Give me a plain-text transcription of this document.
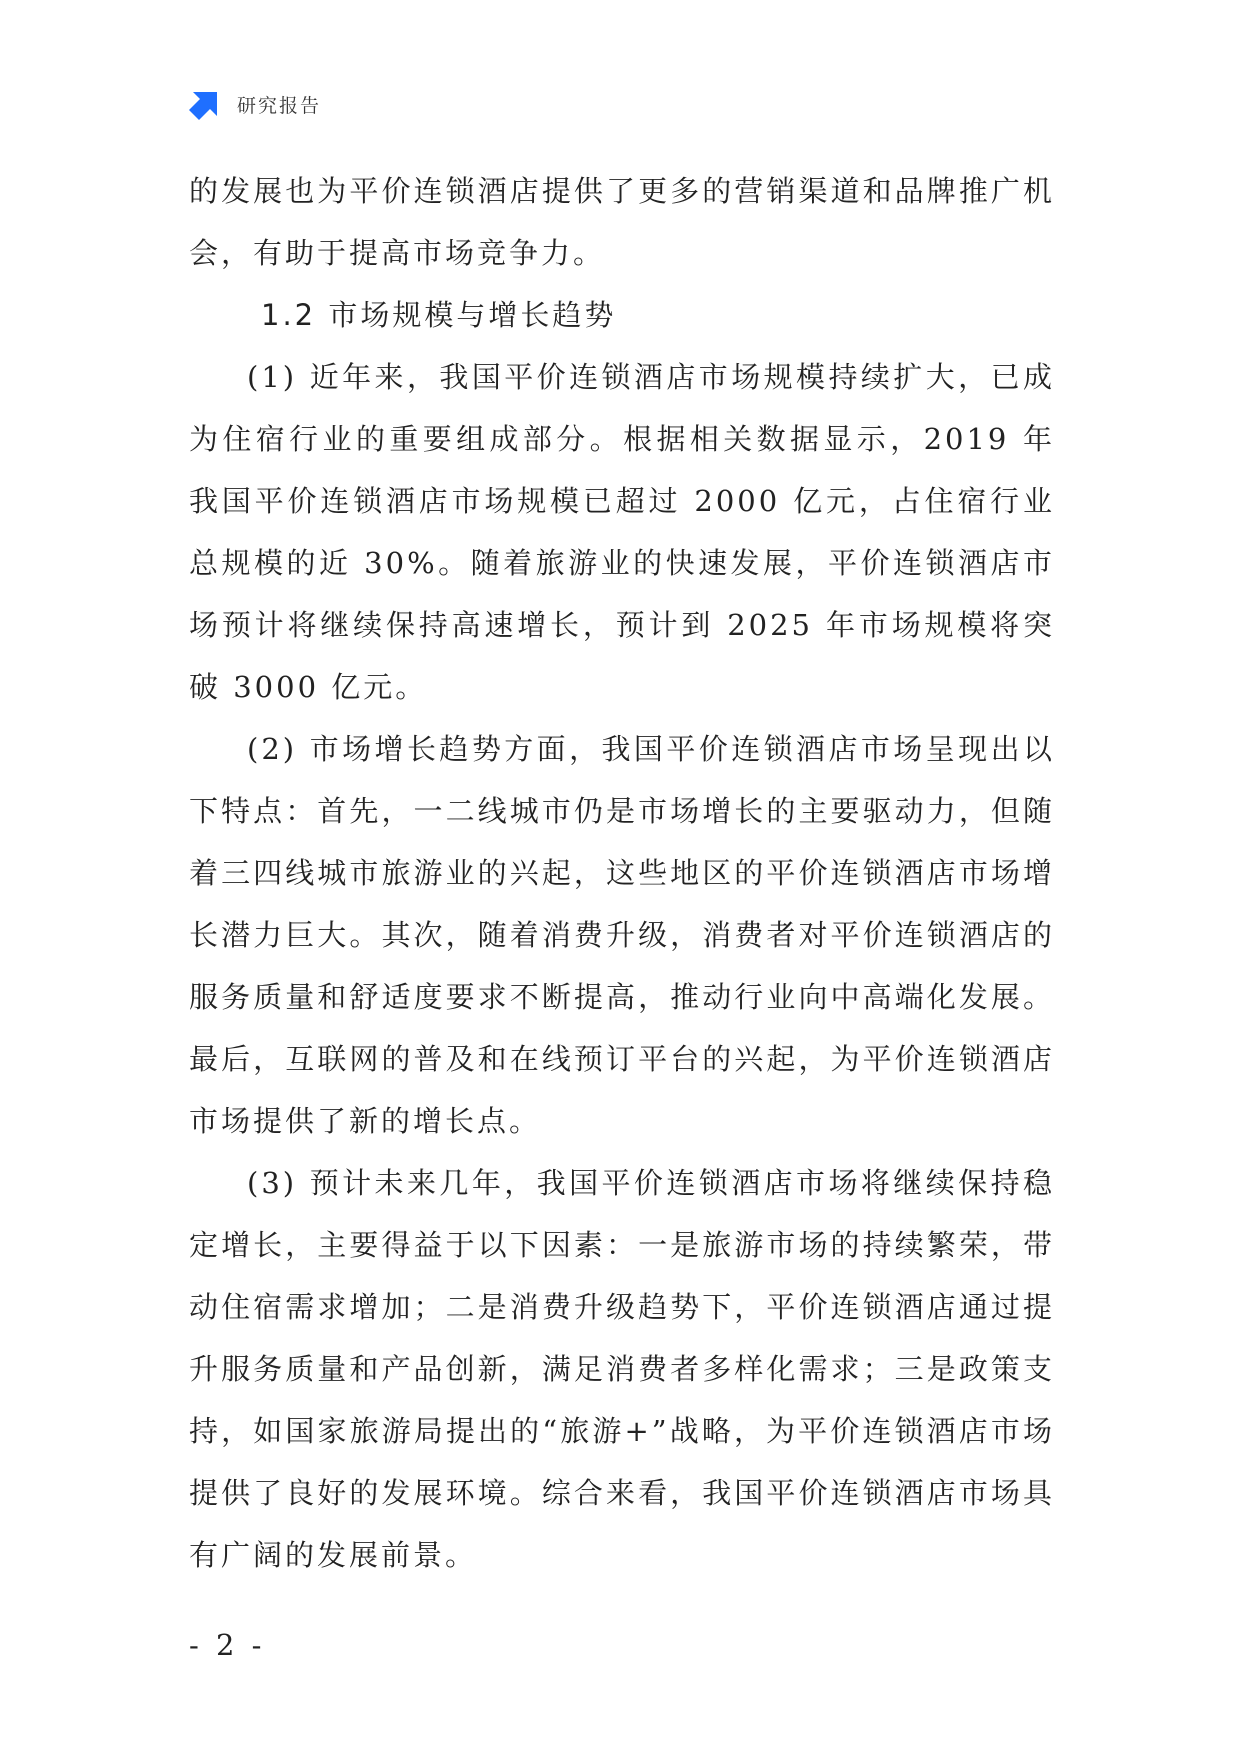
研究报告

的发展也为平价连锁酒店提供了更多的营销渠道和品牌推广机会，有助于提高市场竞争力。

1.2 市场规模与增长趋势

(1) 近年来，我国平价连锁酒店市场规模持续扩大，已成为住宿行业的重要组成部分。根据相关数据显示，2019 年我国平价连锁酒店市场规模已超过 2000 亿元，占住宿行业总规模的近 30%。随着旅游业的快速发展，平价连锁酒店市场预计将继续保持高速增长，预计到 2025 年市场规模将突破 3000 亿元。

(2) 市场增长趋势方面，我国平价连锁酒店市场呈现出以下特点：首先，一二线城市仍是市场增长的主要驱动力，但随着三四线城市旅游业的兴起，这些地区的平价连锁酒店市场增长潜力巨大。其次，随着消费升级，消费者对平价连锁酒店的服务质量和舒适度要求不断提高，推动行业向中高端化发展。最后，互联网的普及和在线预订平台的兴起，为平价连锁酒店市场提供了新的增长点。

(3) 预计未来几年，我国平价连锁酒店市场将继续保持稳定增长，主要得益于以下因素：一是旅游市场的持续繁荣，带动住宿需求增加；二是消费升级趋势下，平价连锁酒店通过提升服务质量和产品创新，满足消费者多样化需求；三是政策支持，如国家旅游局提出的“旅游+”战略，为平价连锁酒店市场提供了良好的发展环境。综合来看，我国平价连锁酒店市场具有广阔的发展前景。

- 2 -
